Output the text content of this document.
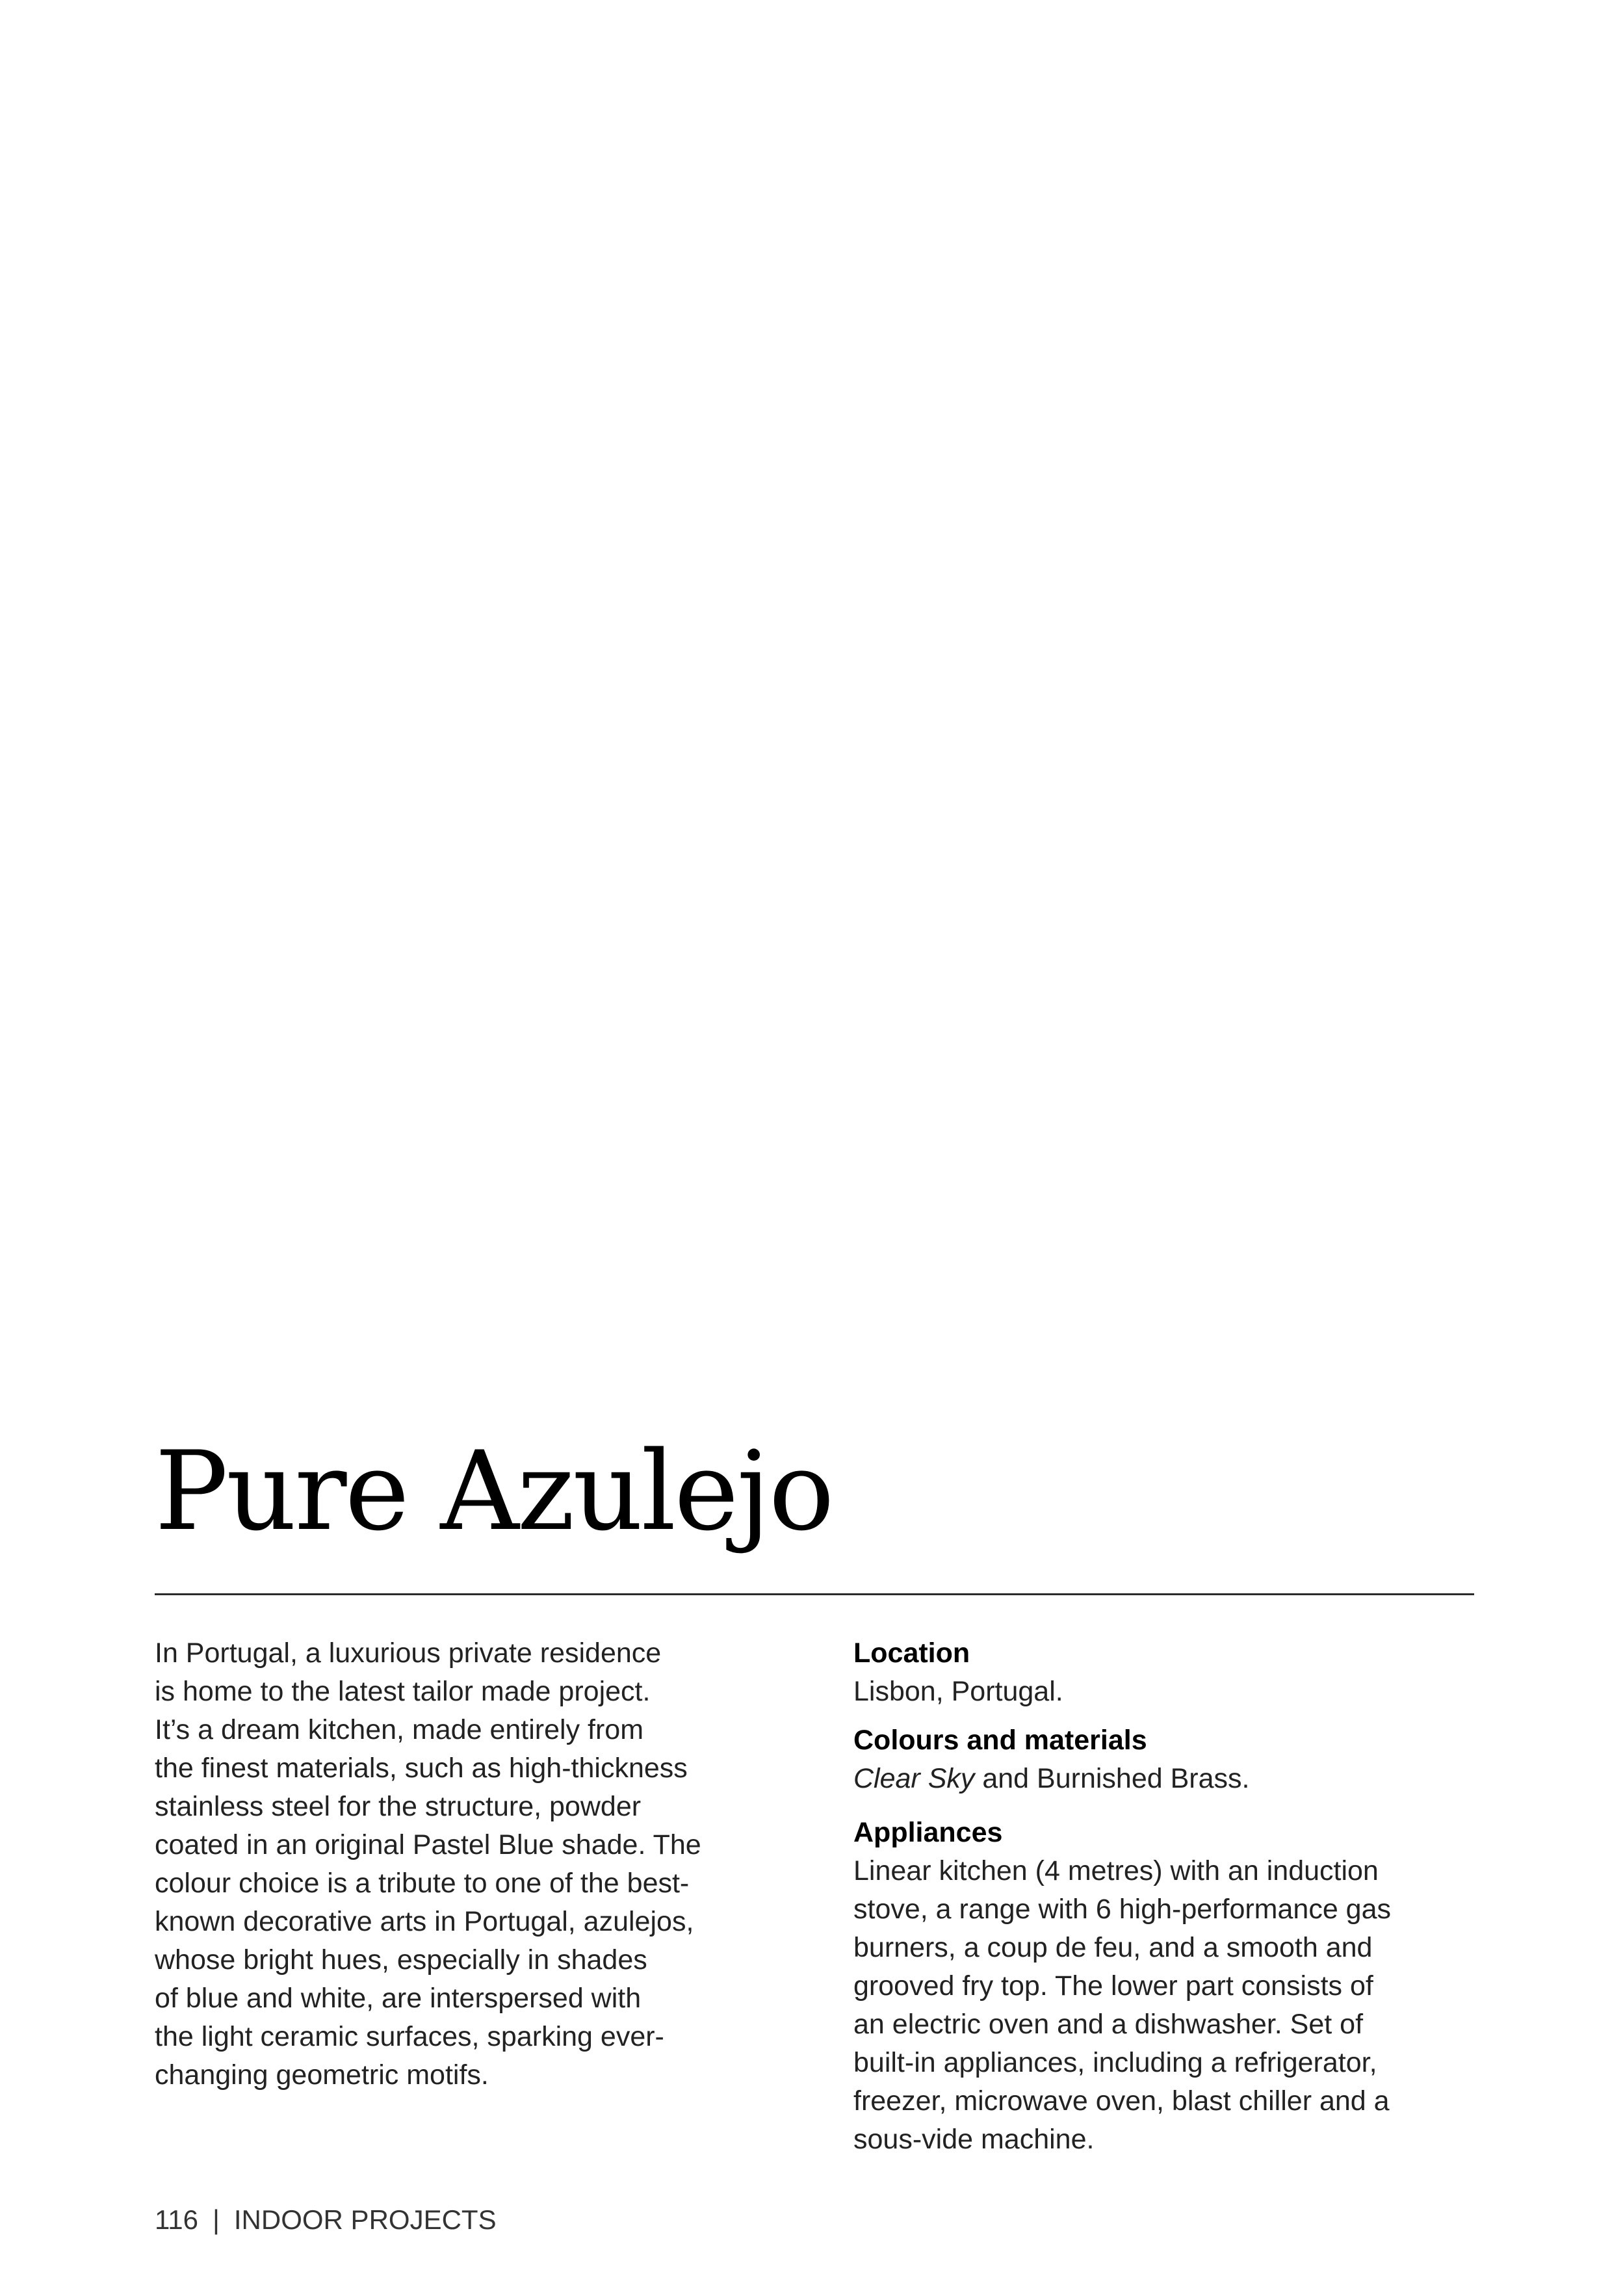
Pure Azulejo

In Portugal, a luxurious private residence
is home to the latest tailor made project.
It’s a dream kitchen, made entirely from
the finest materials, such as high-thickness
stainless steel for the structure, powder
coated in an original Pastel Blue shade. The
colour choice is a tribute to one of the best-
known decorative arts in Portugal, azulejos,
whose bright hues, especially in shades
of blue and white, are interspersed with
the light ceramic surfaces, sparking ever-
changing geometric motifs.

Location
Lisbon, Portugal.
Colours and materials
Clear Sky and Burnished Brass.
Appliances
Linear kitchen (4 metres) with an induction
stove, a range with 6 high-performance gas
burners, a coup de feu, and a smooth and
grooved fry top. The lower part consists of
an electric oven and a dishwasher. Set of
built-in appliances, including a refrigerator,
freezer, microwave oven, blast chiller and a
sous-vide machine.
116 | INDOOR PROJECTS
